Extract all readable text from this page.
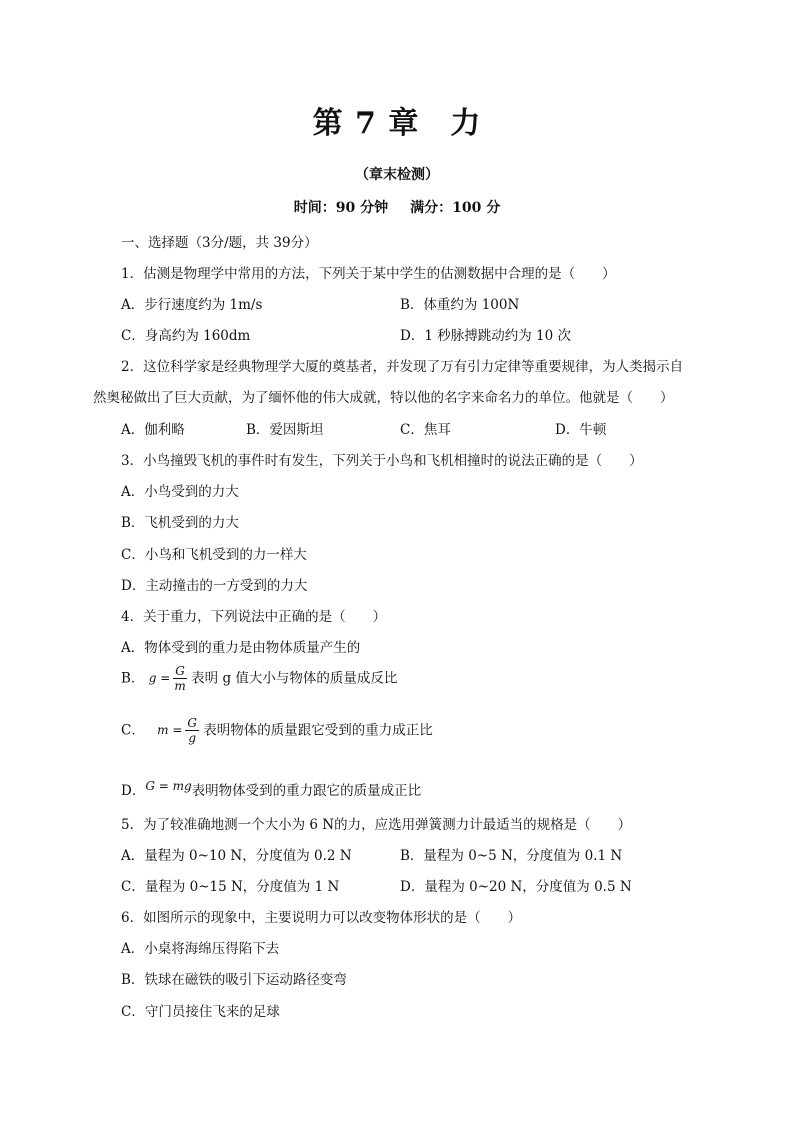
第 7 章　力
（章末检测）
时间：90 分钟 满分：100 分
一、选择题（3分/题，共 39分）
1．估测是物理学中常用的方法，下列关于某中学生的估测数据中合理的是（　　）
A．步行速度约为 1m/s	B．体重约为 100N
C．身高约为 160dm	D．1 秒脉搏跳动约为 10 次
2．这位科学家是经典物理学大厦的奠基者，并发现了万有引力定律等重要规律，为人类揭示自
然奥秘做出了巨大贡献，为了缅怀他的伟大成就，特以他的名字来命名力的单位。他就是（　　）
A．伽利略	B．爱因斯坦	C．焦耳	D．牛顿
3．小鸟撞毁飞机的事件时有发生，下列关于小鸟和飞机相撞时的说法正确的是（　　）
A．小鸟受到的力大
B．飞机受到的力大
C．小鸟和飞机受到的力一样大
D．主动撞击的一方受到的力大
4．关于重力，下列说法中正确的是（　　）
A．物体受到的重力是由物体质量产生的
B． $g = \frac{G}{m}$ 表明 g 值大小与物体的质量成反比
C． $m = \frac{G}{g}$ 表明物体的质量跟它受到的重力成正比
D．G = mg表明物体受到的重力跟它的质量成正比
5．为了较准确地测一个大小为 6 N的力，应选用弹簧测力计最适当的规格是（　　）
A．量程为 0~10 N，分度值为 0.2 N	B．量程为 0~5 N，分度值为 0.1 N
C．量程为 0~15 N，分度值为 1 N	D．量程为 0~20 N，分度值为 0.5 N
6．如图所示的现象中，主要说明力可以改变物体形状的是（　　）
A．小桌将海绵压得陷下去
B．铁球在磁铁的吸引下运动路径变弯
C．守门员接住飞来的足球
